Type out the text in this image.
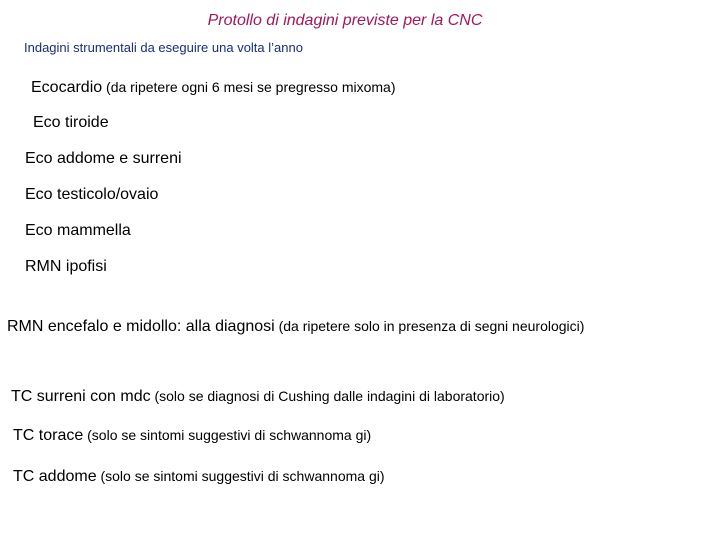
Protollo di indagini previste per la CNC
Indagini strumentali da eseguire una volta l’anno
Ecocardio (da ripetere ogni 6 mesi se pregresso mixoma)
Eco tiroide
Eco addome e surreni
Eco testicolo/ovaio
Eco mammella
RMN ipofisi
RMN encefalo e midollo: alla diagnosi (da ripetere solo in presenza di segni neurologici)
TC surreni con mdc (solo se diagnosi di Cushing dalle indagini di laboratorio)
TC torace (solo se sintomi suggestivi di schwannoma gi)
TC addome (solo se sintomi suggestivi di schwannoma gi)
